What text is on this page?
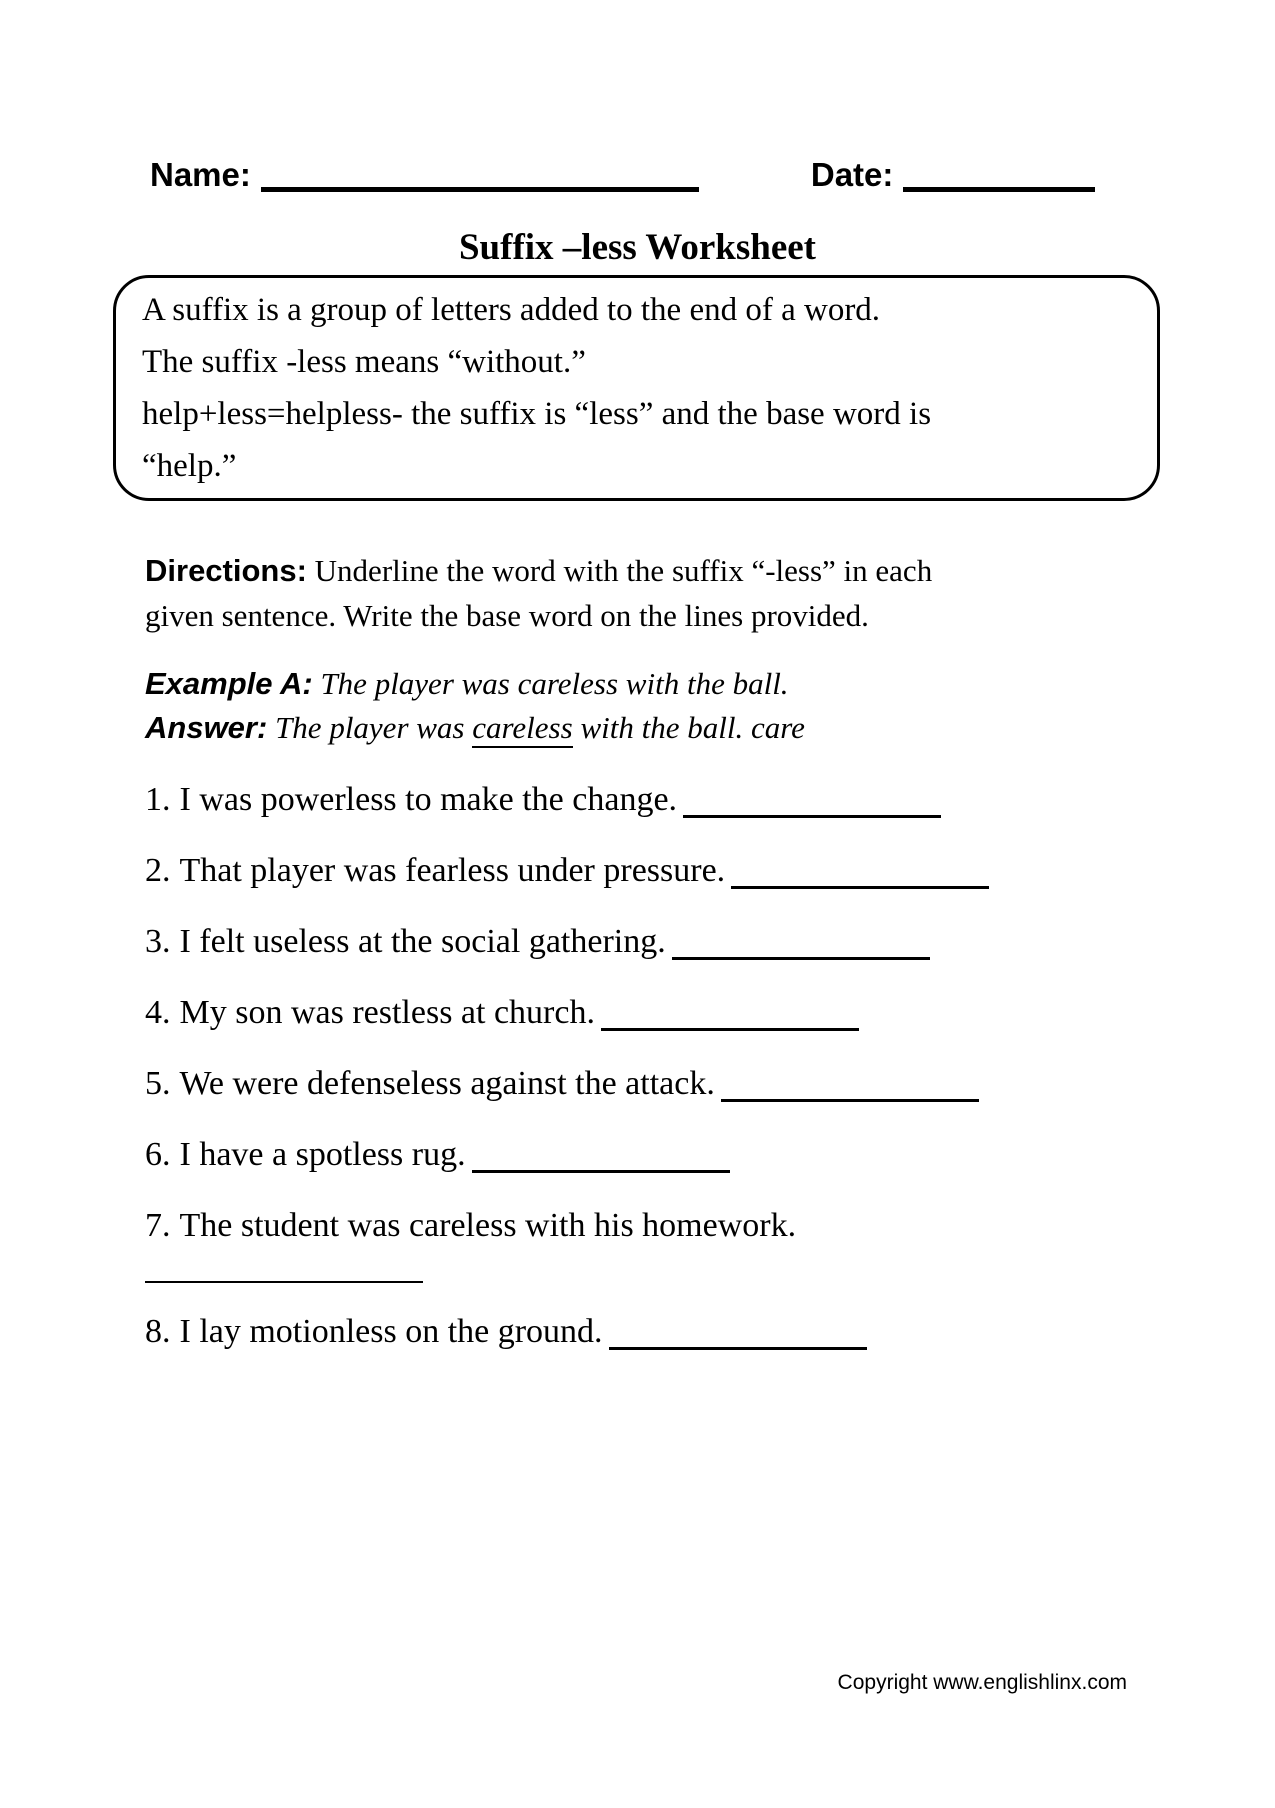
Name:	Date:
Suffix –less Worksheet
A suffix is a group of letters added to the end of a word.
The suffix -less means “without.”
help+less=helpless- the suffix is “less” and the base word is
“help.”
Directions: Underline the word with the suffix “-less” in each
given sentence. Write the base word on the lines provided.
Example A: The player was careless with the ball.
Answer: The player was careless with the ball. care
1. I was powerless to make the change.
2. That player was fearless under pressure.
3. I felt useless at the social gathering.
4. My son was restless at church.
5. We were defenseless against the attack.
6. I have a spotless rug.
7. The student was careless with his homework.
8. I lay motionless on the ground.
Copyright www.englishlinx.com
